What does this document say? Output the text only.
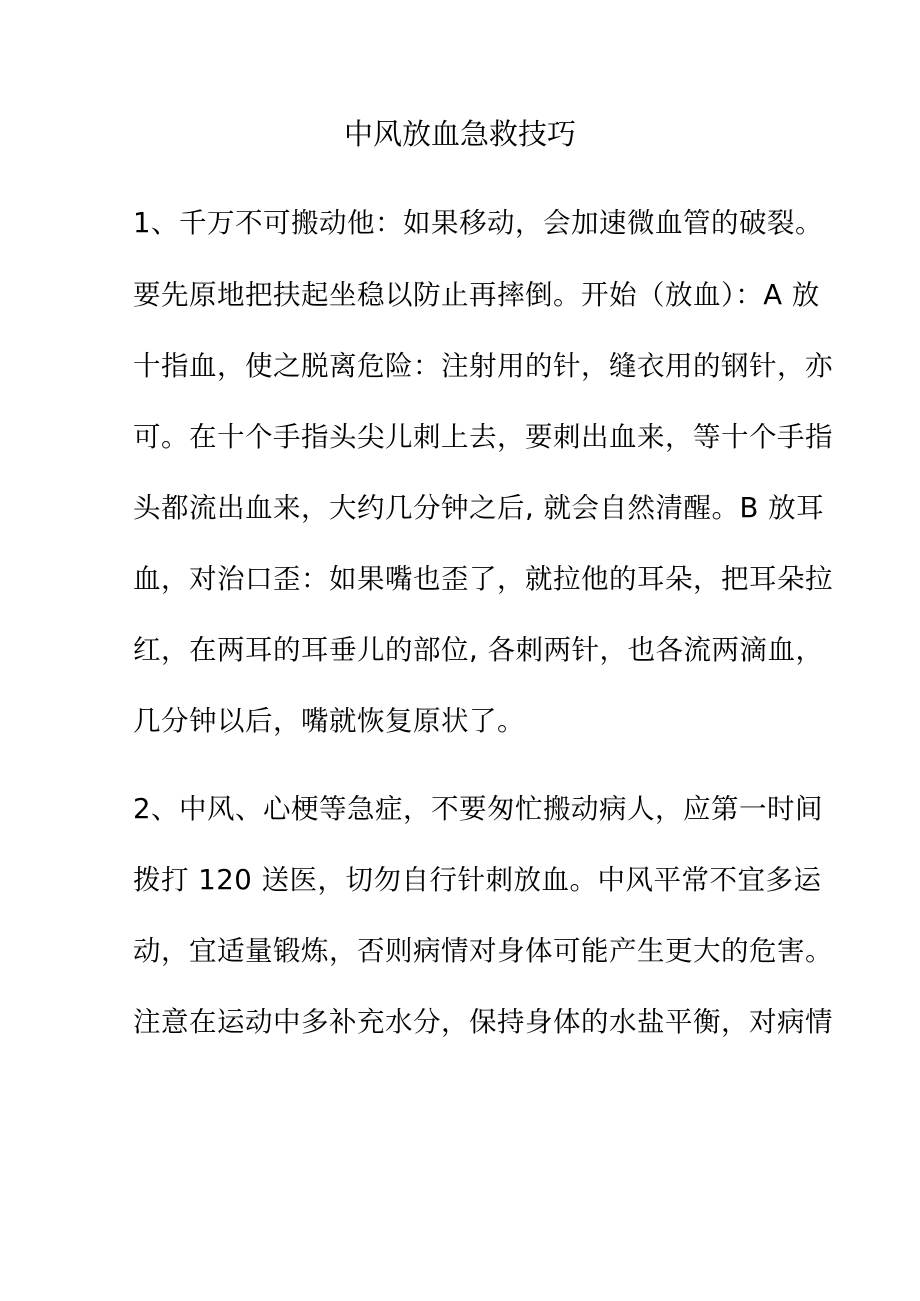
中风放血急救技巧
1、千万不可搬动他：如果移动，会加速微血管的破裂。
要先原地把扶起坐稳以防止再摔倒。开始（放血）：A 放
十指血，使之脱离危险：注射用的针，缝衣用的钢针，亦
可。在十个手指头尖儿刺上去，要刺出血来，等十个手指
头都流出血来，大约几分钟之后, 就会自然清醒。B 放耳
血，对治口歪：如果嘴也歪了，就拉他的耳朵，把耳朵拉
红，在两耳的耳垂儿的部位, 各刺两针，也各流两滴血，
几分钟以后，嘴就恢复原状了。
2、中风、心梗等急症，不要匆忙搬动病人，应第一时间
拨打 120 送医，切勿自行针刺放血。中风平常不宜多运
动，宜适量锻炼，否则病情对身体可能产生更大的危害。
注意在运动中多补充水分，保持身体的水盐平衡，对病情
